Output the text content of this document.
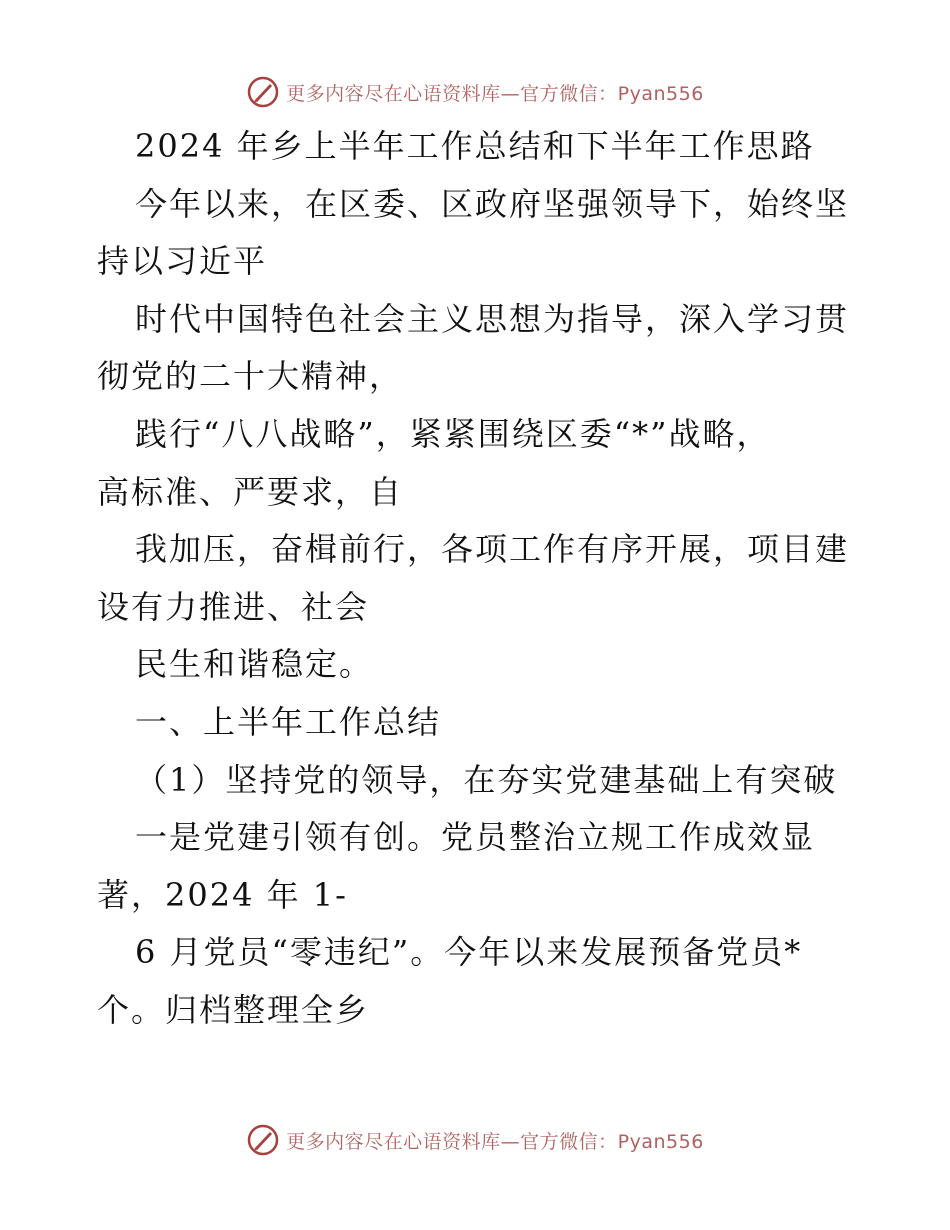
更多内容尽在心语资料库—官方微信：Pyan556
2024 年乡上半年工作总结和下半年工作思路
今年以来，在区委、区政府坚强领导下，始终坚
持以习近平
时代中国特色社会主义思想为指导，深入学习贯
彻党的二十大精神，
践行“八八战略”，紧紧围绕区委“*”战略，
高标准、严要求，自
我加压，奋楫前行，各项工作有序开展，项目建
设有力推进、社会
民生和谐稳定。
一、上半年工作总结
（1）坚持党的领导，在夯实党建基础上有突破
一是党建引领有创。党员整治立规工作成效显
著，2024 年 1-
6 月党员“零违纪”。今年以来发展预备党员*
个。归档整理全乡
更多内容尽在心语资料库—官方微信：Pyan556
